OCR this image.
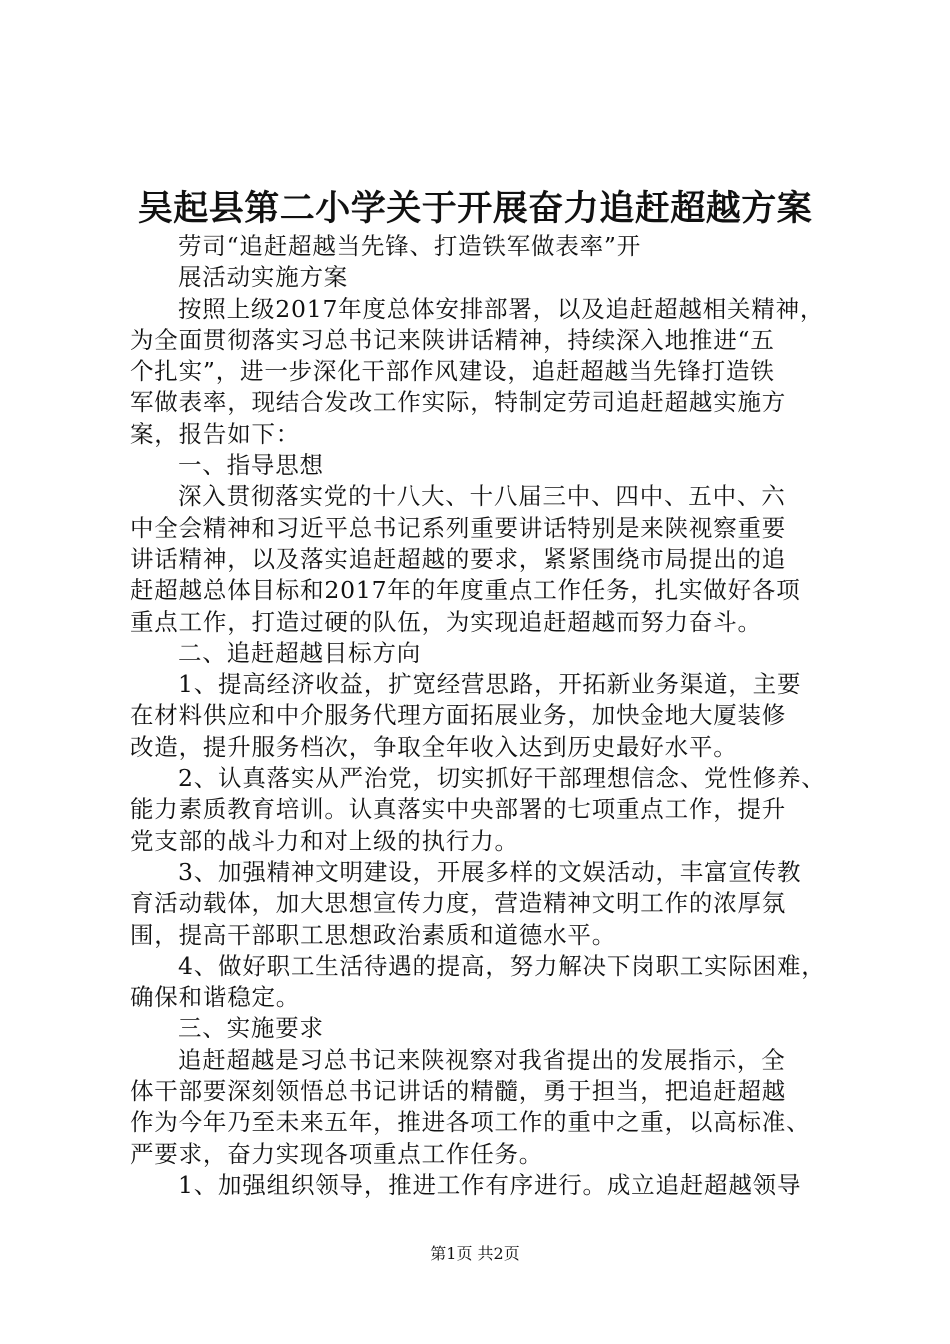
吴起县第二小学关于开展奋力追赶超越方案
劳司“追赶超越当先锋、打造铁军做表率”开
展活动实施方案
按照上级2017年度总体安排部署，以及追赶超越相关精神，
为全面贯彻落实习总书记来陕讲话精神，持续深入地推进“五
个扎实”，进一步深化干部作风建设，追赶超越当先锋打造铁
军做表率，现结合发改工作实际，特制定劳司追赶超越实施方
案，报告如下：
一、指导思想
深入贯彻落实党的十八大、十八届三中、四中、五中、六
中全会精神和习近平总书记系列重要讲话特别是来陕视察重要
讲话精神，以及落实追赶超越的要求，紧紧围绕市局提出的追
赶超越总体目标和2017年的年度重点工作任务，扎实做好各项
重点工作，打造过硬的队伍，为实现追赶超越而努力奋斗。
二、追赶超越目标方向
1、提高经济收益，扩宽经营思路，开拓新业务渠道，主要
在材料供应和中介服务代理方面拓展业务，加快金地大厦装修
改造，提升服务档次，争取全年收入达到历史最好水平。
2、认真落实从严治党，切实抓好干部理想信念、党性修养、
能力素质教育培训。认真落实中央部署的七项重点工作，提升
党支部的战斗力和对上级的执行力。
3、加强精神文明建设，开展多样的文娱活动，丰富宣传教
育活动载体，加大思想宣传力度，营造精神文明工作的浓厚氛
围，提高干部职工思想政治素质和道德水平。
4、做好职工生活待遇的提高，努力解决下岗职工实际困难，
确保和谐稳定。
三、实施要求
追赶超越是习总书记来陕视察对我省提出的发展指示，全
体干部要深刻领悟总书记讲话的精髓，勇于担当，把追赶超越
作为今年乃至未来五年，推进各项工作的重中之重，以高标准、
严要求，奋力实现各项重点工作任务。
1、加强组织领导，推进工作有序进行。成立追赶超越领导
第1页 共2页
